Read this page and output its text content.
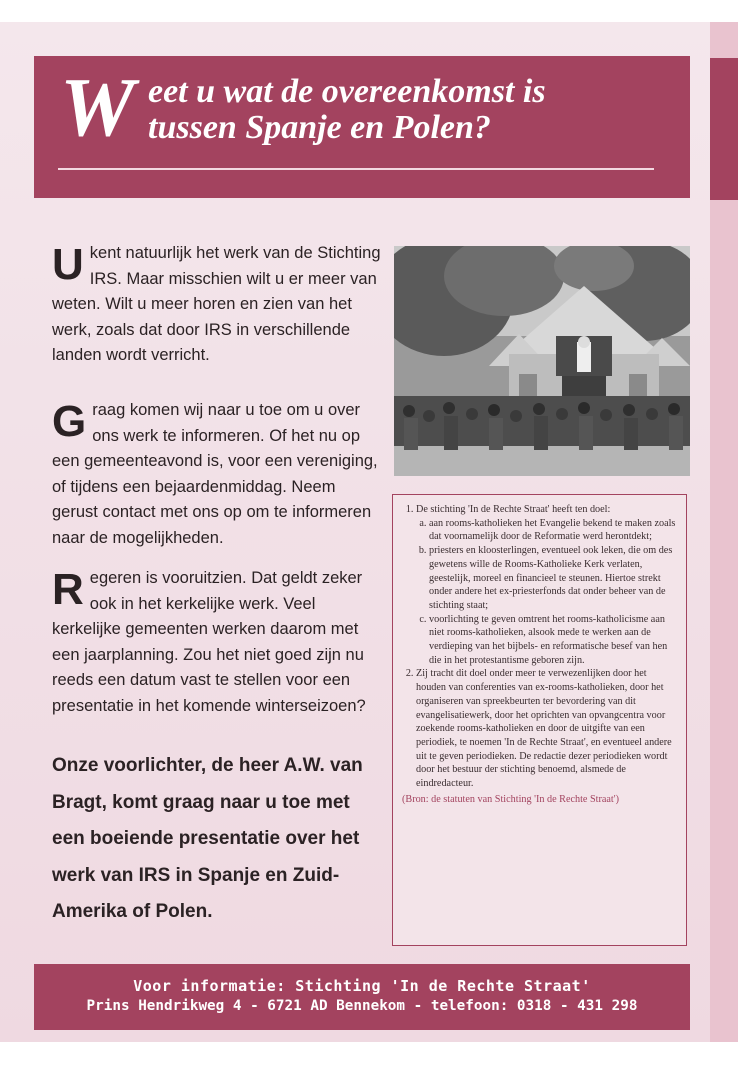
W eet u wat de overeenkomst is
tussen Spanje en Polen?
Ukent natuurlijk het werk van de Stichting IRS. Maar misschien wilt u er meer van weten. Wilt u meer horen en zien van het werk, zoals dat door IRS in verschillende landen wordt verricht.
Graag komen wij naar u toe om u over ons werk te informeren. Of het nu op een gemeenteavond is, voor een vereniging, of tijdens een bejaardenmiddag. Neem gerust contact met ons op om te informeren naar de mogelijkheden.
Regeren is vooruitzien. Dat geldt zeker ook in het kerkelijke werk. Veel kerkelijke gemeenten werken daarom met een jaarplanning. Zou het niet goed zijn nu reeds een datum vast te stellen voor een presentatie in het komende winterseizoen?
Onze voorlichter, de heer A.W. van Bragt, komt graag naar u toe met een boeiende presentatie over het werk van IRS in Spanje en Zuid-Amerika of Polen.
1. De stichting 'In de Rechte Straat' heeft ten doel:
a. aan rooms-katholieken het Evangelie bekend te maken zoals dat voornamelijk door de Reformatie werd herontdekt;
b. priesters en kloosterlingen, eventueel ook leken, die om des gewetens wille de Rooms-Katholieke Kerk verlaten, geestelijk, moreel en financieel te steunen. Hiertoe strekt onder andere het ex-priesterfonds dat onder beheer van de stichting staat;
c. voorlichting te geven omtrent het rooms-katholicisme aan niet rooms-katholieken, alsook mede te werken aan de verdieping van het bijbels- en reformatische besef van hen die in het protestantisme geboren zijn.
2. Zij tracht dit doel onder meer te verwezenlijken door het houden van conferenties van ex-rooms-katholieken, door het organiseren van spreekbeurten ter bevordering van dit evangelisatiewerk, door het oprichten van opvangcentra voor zoekende rooms-katholieken en door de uitgifte van een periodiek, te noemen 'In de Rechte Straat', en eventueel andere uit te geven periodieken. De redactie dezer periodieken wordt door het bestuur der stichting benoemd, alsmede de eindredacteur.
(Bron: de statuten van Stichting 'In de Rechte Straat')
Voor informatie: Stichting 'In de Rechte Straat'
Prins Hendrikweg 4 - 6721 AD Bennekom - telefoon: 0318 - 431 298
